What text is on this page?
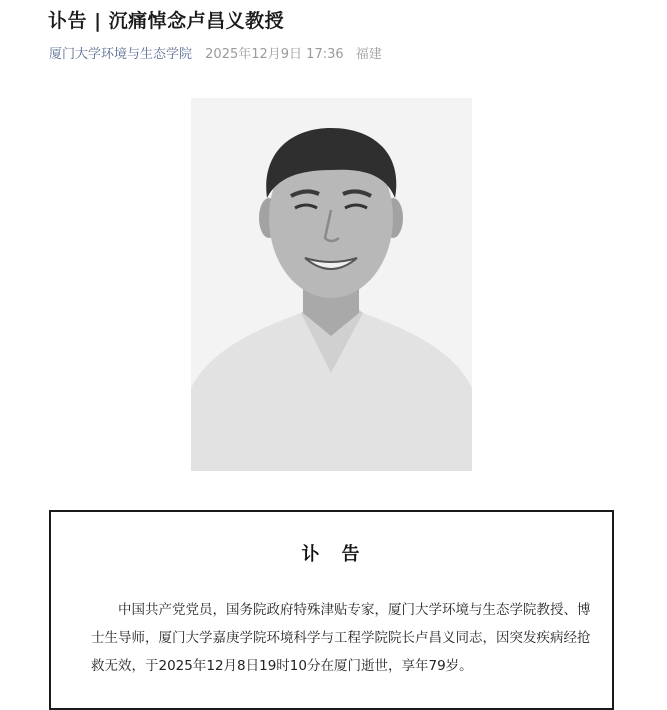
讣告 | 沉痛悼念卢昌义教授
厦门大学环境与生态学院 2025年12月9日 17:36 福建
讣　告

中国共产党党员，国务院政府特殊津贴专家，厦门大学环境与生态学院教授、博

士生导师，厦门大学嘉庚学院环境科学与工程学院院长卢昌义同志，因突发疾病经抢

救无效，于2025年12月8日19时10分在厦门逝世，享年79岁。
